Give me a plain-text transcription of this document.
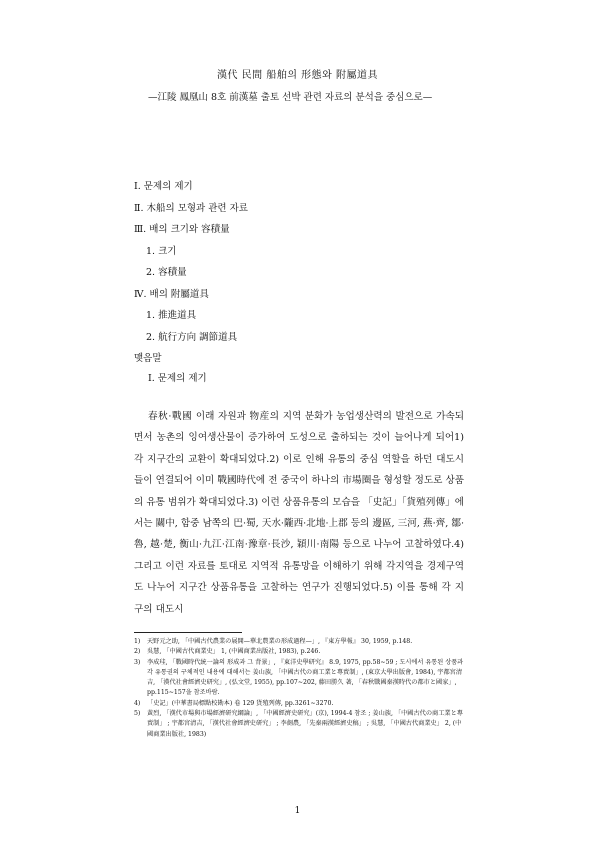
漢代 民間 船舶의 形態와 附屬道具
—江陵 鳳凰山 8호 前漢墓 출토 선박 관련 자료의 분석을 중심으로—
Ⅰ. 문제의 제기
Ⅱ. 木船의 모형과 관련 자료
Ⅲ. 배의 크기와 容積量
1. 크기
2. 容積量
Ⅳ. 배의 附屬道具
1. 推進道具
2. 航行方向 調節道具
맺음말
Ⅰ. 문제의 제기

春秋·戰國 이래 자원과 物産의 지역 분화가 농업생산력의 발전으로 가속되면서 농촌의 잉여생산물이 증가하여 도성으로 출하되는 것이 늘어나게 되어1) 각 지구간의 교환이 확대되었다.2) 이로 인해 유통의 중심 역할을 하던 대도시들이 연결되어 이미 戰國時代에 전 중국이 하나의 市場圈을 형성할 정도로 상품의 유통 범위가 확대되었다.3) 이런 상품유통의 모습을 「史記」「貨殖列傳」에서는 關中, 함중 남쪽의 巴·蜀, 天水·隴西·北地·上郡 등의 邊區, 三河, 燕·齊, 鄒·魯, 越·楚, 衡山·九江·江南·豫章·長沙, 穎川·南陽 등으로 나누어 고찰하였다.4) 그리고 이런 자료를 토대로 지역적 유통망을 이해하기 위해 각지역을 경제구역도 나누어 지구간 상품유통을 고찰하는 연구가 진행되었다.5) 이를 통해 각 지구의 대도시

1) 天野元之助, 「中國古代農業の展開—華北農業の形成過程—」, 『東方學報』 30, 1959, p.148.
2) 吳慧, 「中國古代商業史」 1, (中國商業出版社, 1983), p.246.
3) 李成珪, 「戰國時代統一論의 形成과 그 背景」, 『東洋史學研究』 8.9, 1975, pp.58~59 ; 도시에서 유통된 상품과 각 유통권의 구체적인 내용에 대해서는 姜山族, 「中國古代の商工業と專賣制」, (東京大學出版會, 1984), 宇都宮清吉, 「漢代社會經濟史研究」, (弘文堂, 1955), pp.107~202, 藤田勝久 著, 「春秋戰國秦漢時代の都市と國家」, pp.115~157을 참조바람.
4) 「史記」(中華書局標點校勘本) 卷 129 貨殖列傳, pp.3261~3270.
5) 黃烈, 「漢代市場與市場經濟研究綱論」, 「中國經濟史研究」(京), 1994-4 참조 ; 姜山族, 「中國古代の商工業と專賣制」 ; 宇都宮清吉, 「漢代社會經濟史研究」 ; 李劍農, 「先秦兩漢經濟史稿」 ; 吳慧, 「中國古代商業史」 2, (中國商業出版社, 1983)
1
